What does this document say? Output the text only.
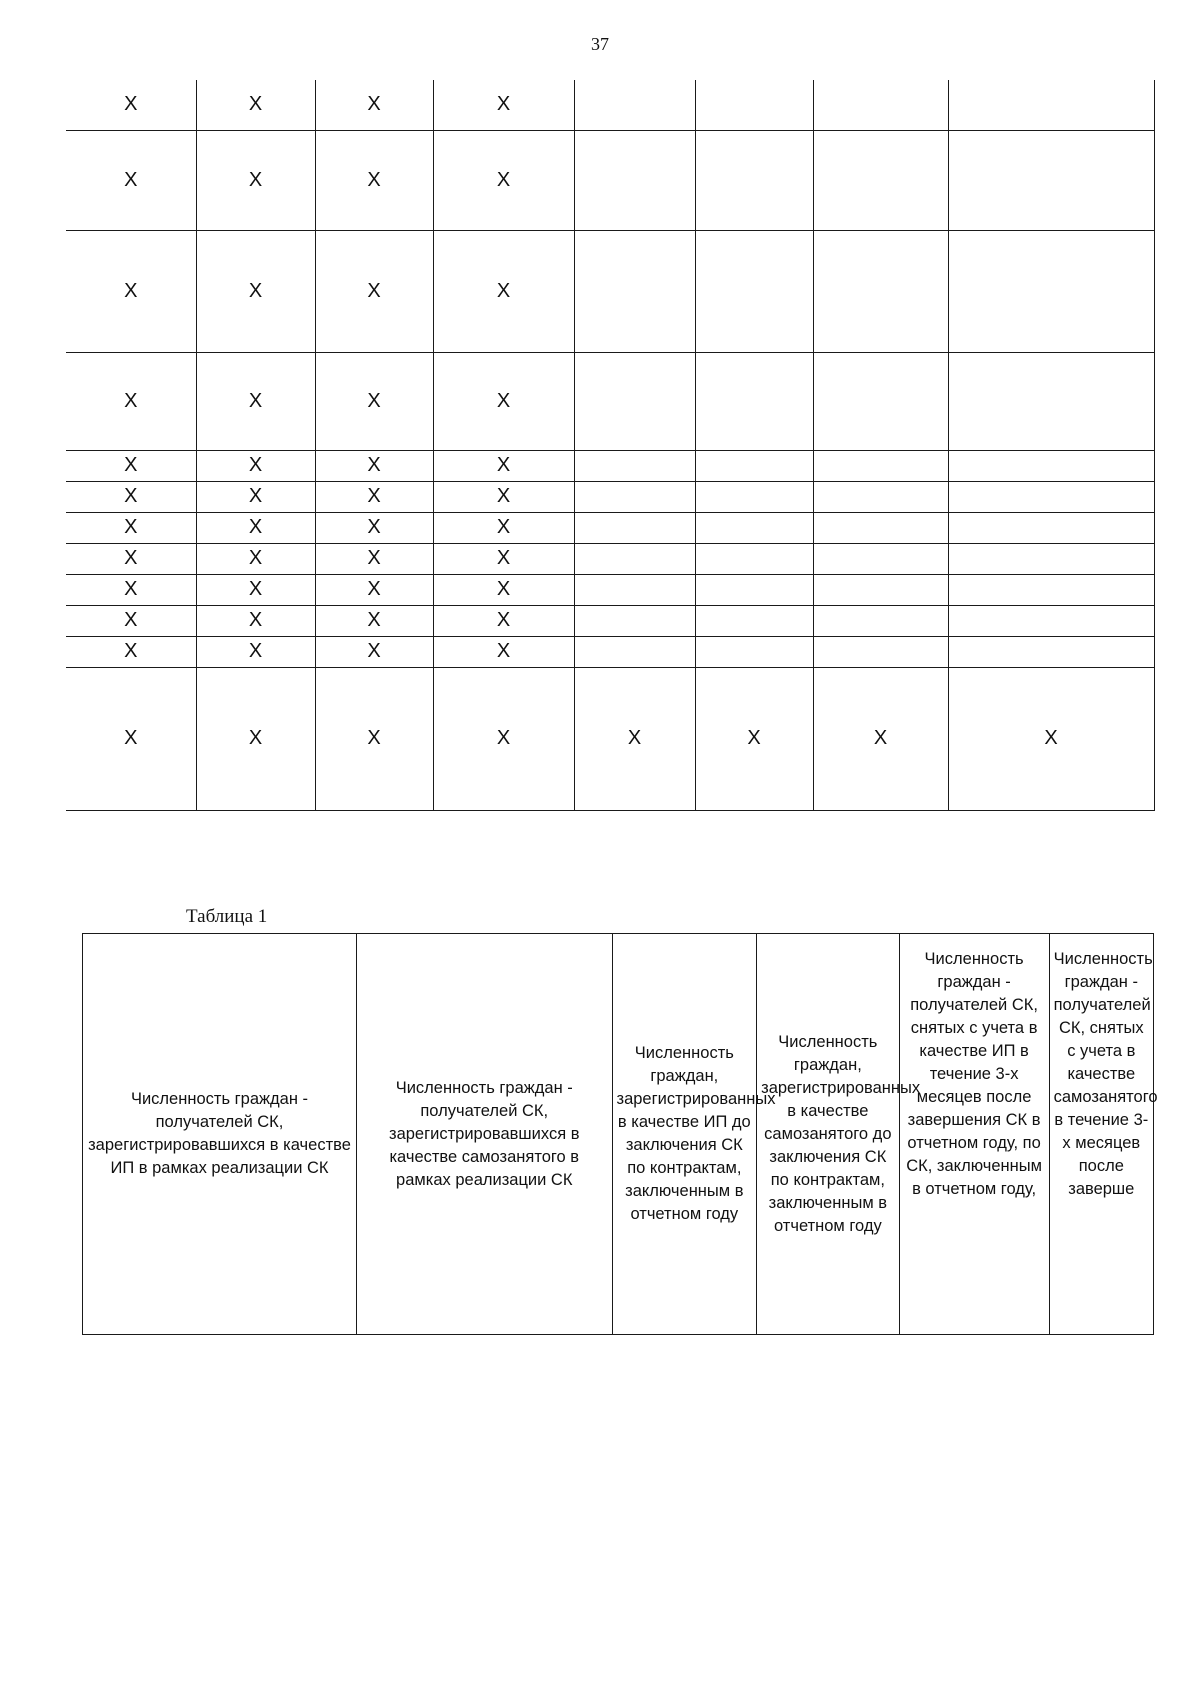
37
X	X	X	X				
X	X	X	X				
X	X	X	X				
X	X	X	X				
X	X	X	X				
X	X	X	X				
X	X	X	X				
X	X	X	X				
X	X	X	X				
X	X	X	X				
X	X	X	X				
X	X	X	X	X	X	X	X
Таблица 1
Численность граждан - получателей СК, зарегистрировавшихся в качестве ИП в рамках реализации СК	Численность граждан - получателей СК, зарегистрировавшихся в качестве самозанятого в рамках реализации СК	Численность граждан, зарегистрированных в качестве ИП до заключения СК по контрактам, заключенным в отчетном году	Численность граждан, зарегистрированных в качестве самозанятого до заключения СК по контрактам, заключенным в отчетном году	Численность граждан - получателей СК, снятых с учета в качестве ИП в течение 3-х месяцев после завершения СК в отчетном году, по СК, заключенным в отчетном году,	Численность граждан - получателей СК, снятых с учета в качестве самозанятого в течение 3-х месяцев после заверше
